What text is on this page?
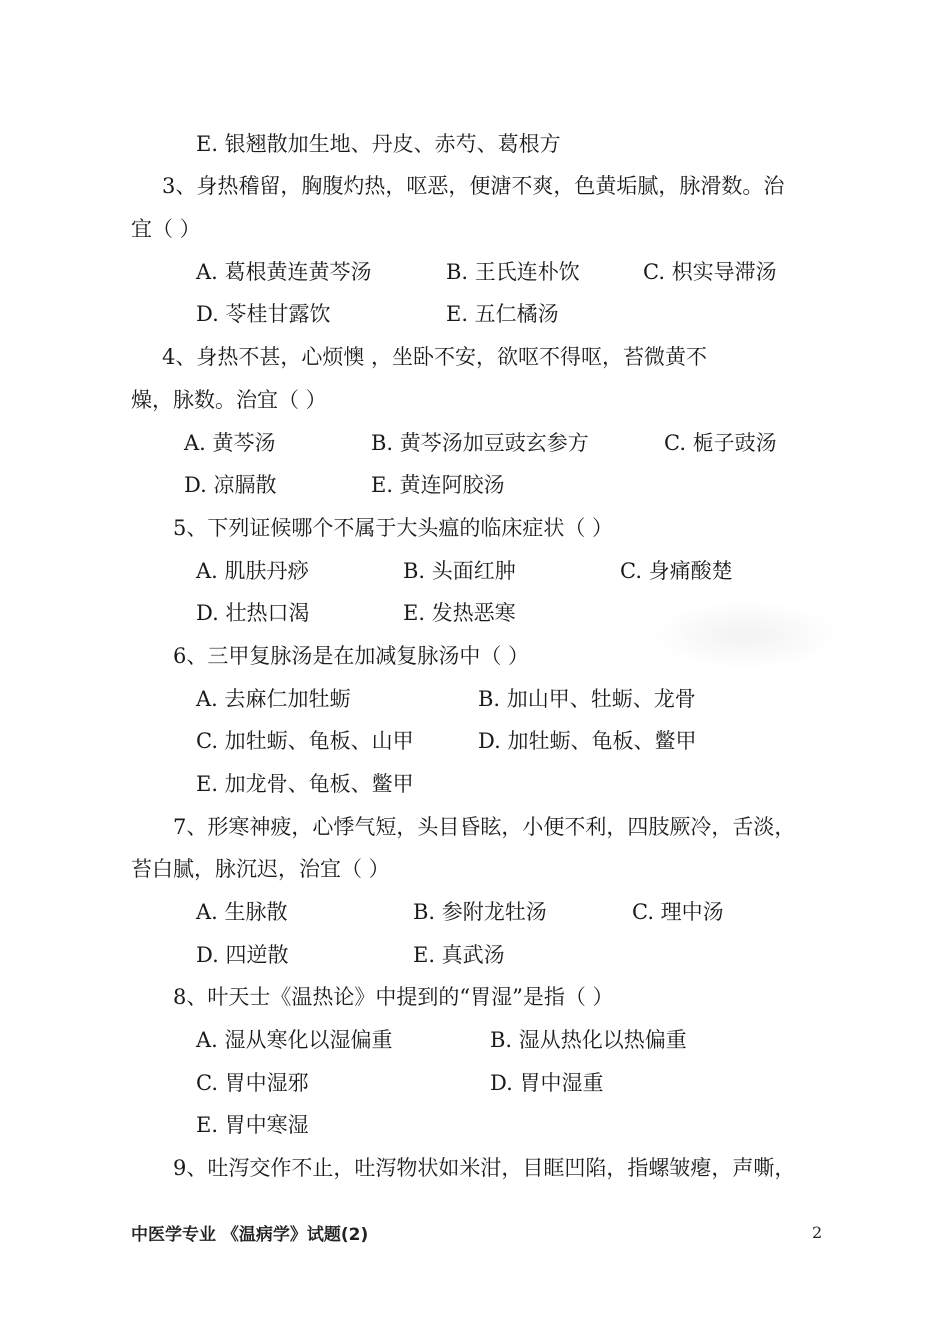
E. 银翘散加生地、丹皮、赤芍、葛根方
3、身热稽留，胸腹灼热，呕恶，便溏不爽，色黄垢腻，脉滑数。治
宜（ ）
A. 葛根黄连黄芩汤	B. 王氏连朴饮	C. 枳实导滞汤
D. 苓桂甘露饮	E. 五仁橘汤
4、身热不甚，心烦懊 ，坐卧不安，欲呕不得呕，苔微黄不
燥，脉数。治宜（ ）
A. 黄芩汤	B. 黄芩汤加豆豉玄参方	C. 栀子豉汤
D. 凉膈散	E. 黄连阿胶汤
5、下列证候哪个不属于大头瘟的临床症状（ ）
A. 肌肤丹痧	B. 头面红肿	C. 身痛酸楚
D. 壮热口渴	E. 发热恶寒
6、三甲复脉汤是在加减复脉汤中（ ）
A. 去麻仁加牡蛎	B. 加山甲、牡蛎、龙骨
C. 加牡蛎、龟板、山甲	D. 加牡蛎、龟板、鳖甲
E. 加龙骨、龟板、鳖甲
7、形寒神疲，心悸气短，头目昏眩，小便不利，四肢厥冷，舌淡，
苔白腻，脉沉迟，治宜（ ）
A. 生脉散	B. 参附龙牡汤	C. 理中汤
D. 四逆散	E. 真武汤
8、叶天士《温热论》中提到的“胃湿”是指（ ）
A. 湿从寒化以湿偏重	B. 湿从热化以热偏重
C. 胃中湿邪	D. 胃中湿重
E. 胃中寒湿
9、吐泻交作不止，吐泻物状如米泔，目眶凹陷，指螺皱瘪，声嘶，
中医学专业 《温病学》试题(2)	2
